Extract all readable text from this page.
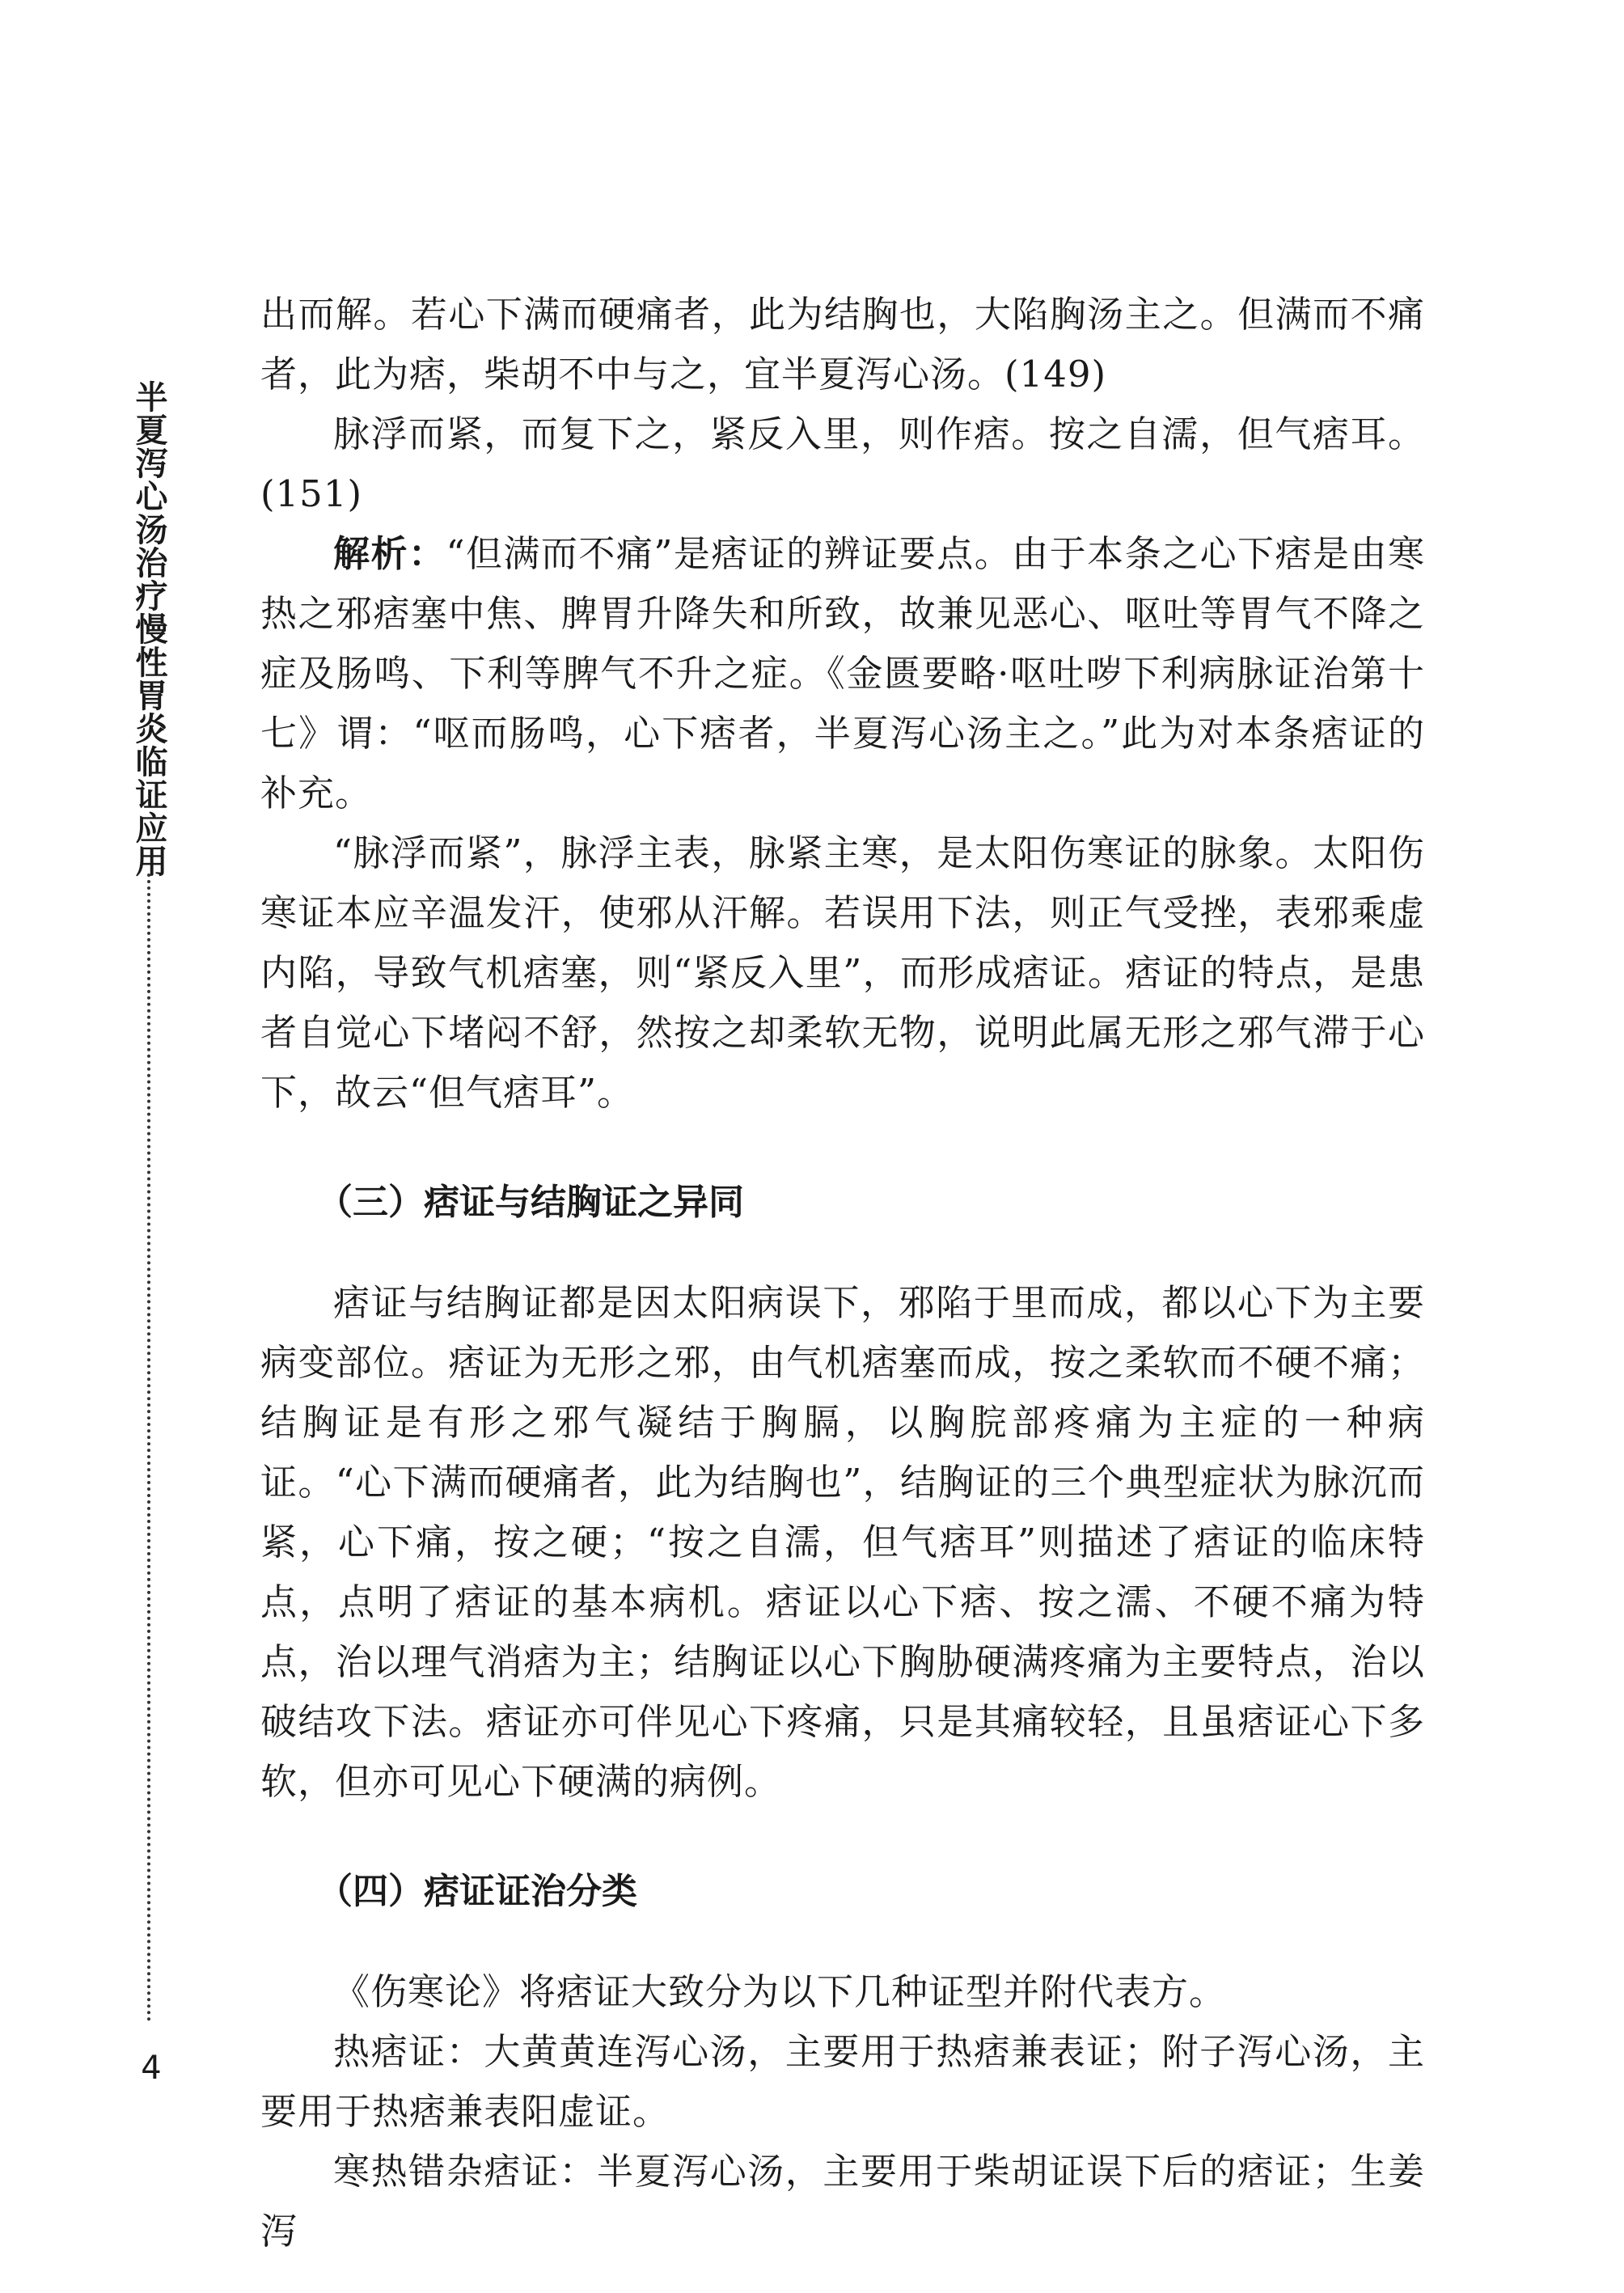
半夏泻心汤治疗慢性胃炎临证应用
4

出而解。若心下满而硬痛者，此为结胸也，大陷胸汤主之。但满而不痛者，此为痞，柴胡不中与之，宜半夏泻心汤。(149)

脉浮而紧，而复下之，紧反入里，则作痞。按之自濡，但气痞耳。(151)

解析：“但满而不痛”是痞证的辨证要点。由于本条之心下痞是由寒热之邪痞塞中焦、脾胃升降失和所致，故兼见恶心、呕吐等胃气不降之症及肠鸣、下利等脾气不升之症。《金匮要略·呕吐哕下利病脉证治第十七》谓：“呕而肠鸣，心下痞者，半夏泻心汤主之。”此为对本条痞证的补充。

“脉浮而紧”，脉浮主表，脉紧主寒，是太阳伤寒证的脉象。太阳伤寒证本应辛温发汗，使邪从汗解。若误用下法，则正气受挫，表邪乘虚内陷，导致气机痞塞，则“紧反入里”，而形成痞证。痞证的特点，是患者自觉心下堵闷不舒，然按之却柔软无物，说明此属无形之邪气滞于心下，故云“但气痞耳”。

（三）痞证与结胸证之异同

痞证与结胸证都是因太阳病误下，邪陷于里而成，都以心下为主要病变部位。痞证为无形之邪，由气机痞塞而成，按之柔软而不硬不痛；结胸证是有形之邪气凝结于胸膈，以胸脘部疼痛为主症的一种病证。“心下满而硬痛者，此为结胸也”，结胸证的三个典型症状为脉沉而紧，心下痛，按之硬；“按之自濡，但气痞耳”则描述了痞证的临床特点，点明了痞证的基本病机。痞证以心下痞、按之濡、不硬不痛为特点，治以理气消痞为主；结胸证以心下胸胁硬满疼痛为主要特点，治以破结攻下法。痞证亦可伴见心下疼痛，只是其痛较轻，且虽痞证心下多软，但亦可见心下硬满的病例。

（四）痞证证治分类

《伤寒论》将痞证大致分为以下几种证型并附代表方。

热痞证：大黄黄连泻心汤，主要用于热痞兼表证；附子泻心汤，主要用于热痞兼表阳虚证。

寒热错杂痞证：半夏泻心汤，主要用于柴胡证误下后的痞证；生姜泻
